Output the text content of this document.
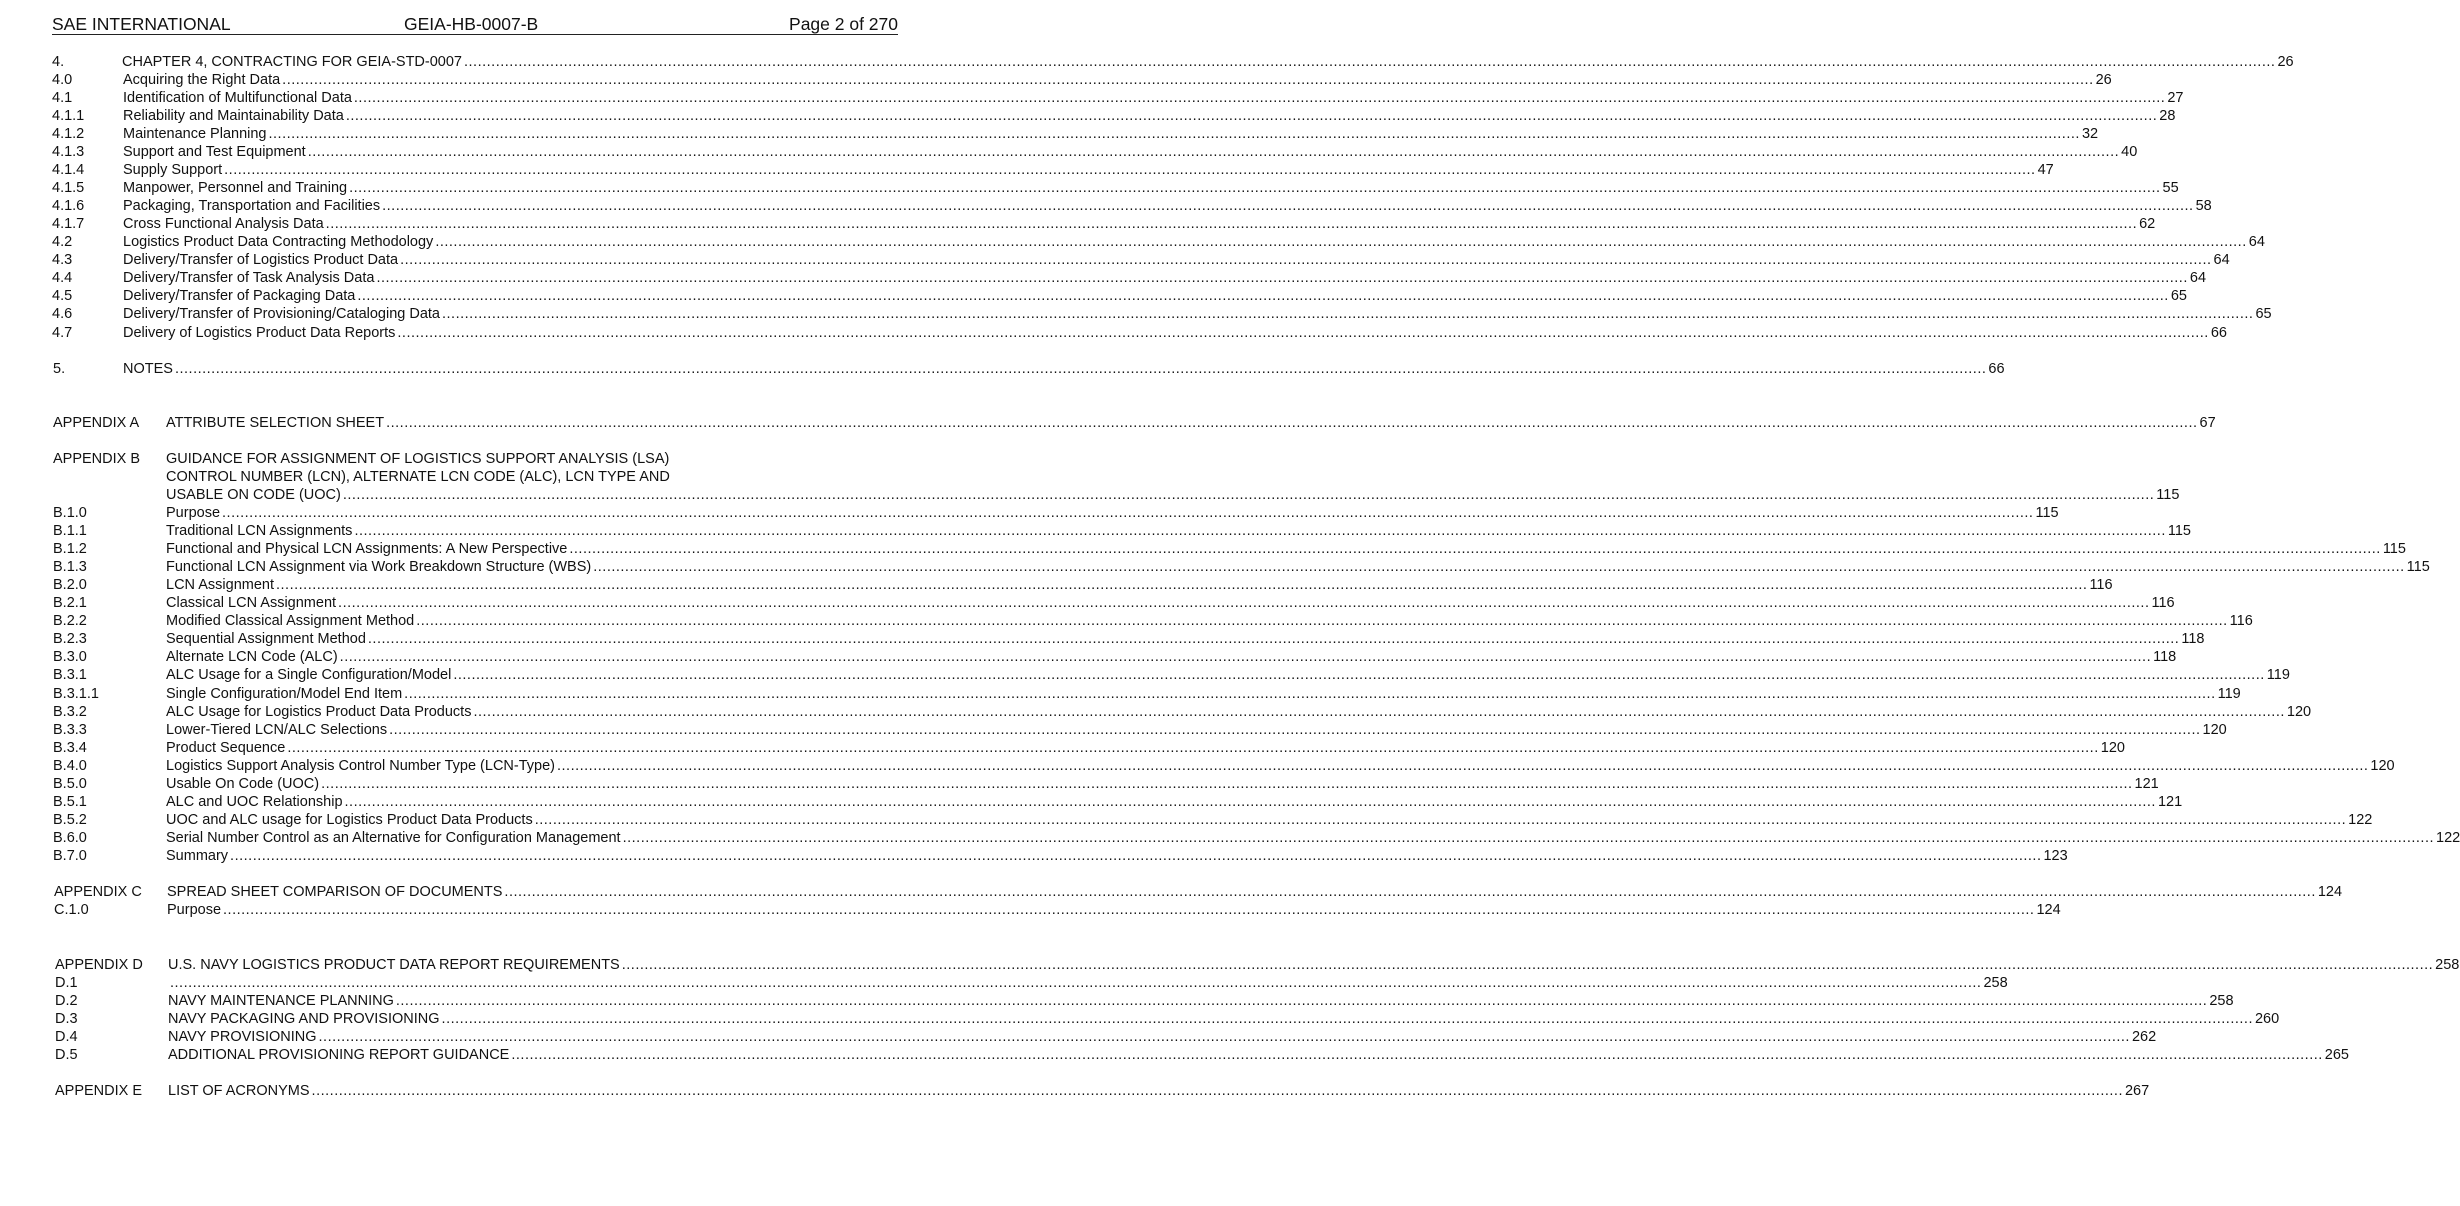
SAE INTERNATIONAL	GEIA-HB-0007-B	Page 2 of 270
4.	CHAPTER 4, CONTRACTING FOR GEIA-STD-0007 ................................................................................................................................................................................................................................................................................................................................................................................................................ 26
4.0	Acquiring the Right Data ................................................................................................................................................................................................................................................................................................................................................................................................................ 26
4.1	Identification of Multifunctional Data ................................................................................................................................................................................................................................................................................................................................................................................................................ 27
4.1.1	Reliability and Maintainability Data ................................................................................................................................................................................................................................................................................................................................................................................................................ 28
4.1.2	Maintenance Planning ................................................................................................................................................................................................................................................................................................................................................................................................................ 32
4.1.3	Support and Test Equipment ................................................................................................................................................................................................................................................................................................................................................................................................................ 40
4.1.4	Supply Support ................................................................................................................................................................................................................................................................................................................................................................................................................ 47
4.1.5	Manpower, Personnel and Training ................................................................................................................................................................................................................................................................................................................................................................................................................ 55
4.1.6	Packaging, Transportation and Facilities ................................................................................................................................................................................................................................................................................................................................................................................................................ 58
4.1.7	Cross Functional Analysis Data ................................................................................................................................................................................................................................................................................................................................................................................................................ 62
4.2	Logistics Product Data Contracting Methodology ................................................................................................................................................................................................................................................................................................................................................................................................................ 64
4.3	Delivery/Transfer of Logistics Product Data ................................................................................................................................................................................................................................................................................................................................................................................................................ 64
4.4	Delivery/Transfer of Task Analysis Data ................................................................................................................................................................................................................................................................................................................................................................................................................ 64
4.5	Delivery/Transfer of Packaging Data ................................................................................................................................................................................................................................................................................................................................................................................................................ 65
4.6	Delivery/Transfer of Provisioning/Cataloging Data ................................................................................................................................................................................................................................................................................................................................................................................................................ 65
4.7	Delivery of Logistics Product Data Reports ................................................................................................................................................................................................................................................................................................................................................................................................................ 66
5.	NOTES ................................................................................................................................................................................................................................................................................................................................................................................................................ 66
APPENDIX A ATTRIBUTE SELECTION SHEET ................................................................................................................................................................................................................................................................................................................................................................................................................ 67
APPENDIX B GUIDANCE FOR ASSIGNMENT OF LOGISTICS SUPPORT ANALYSIS (LSA)
CONTROL NUMBER (LCN), ALTERNATE LCN CODE (ALC), LCN TYPE AND
USABLE ON CODE (UOC) ................................................................................................................................................................................................................................................................................................................................................................................................................ 115
B.1.0	Purpose ................................................................................................................................................................................................................................................................................................................................................................................................................ 115
B.1.1	Traditional LCN Assignments ................................................................................................................................................................................................................................................................................................................................................................................................................ 115
B.1.2	Functional and Physical LCN Assignments: A New Perspective ................................................................................................................................................................................................................................................................................................................................................................................................................ 115
B.1.3	Functional LCN Assignment via Work Breakdown Structure (WBS) ................................................................................................................................................................................................................................................................................................................................................................................................................ 115
B.2.0	LCN Assignment ................................................................................................................................................................................................................................................................................................................................................................................................................ 116
B.2.1	Classical LCN Assignment ................................................................................................................................................................................................................................................................................................................................................................................................................ 116
B.2.2	Modified Classical Assignment Method ................................................................................................................................................................................................................................................................................................................................................................................................................ 116
B.2.3	Sequential Assignment Method ................................................................................................................................................................................................................................................................................................................................................................................................................ 118
B.3.0	Alternate LCN Code (ALC) ................................................................................................................................................................................................................................................................................................................................................................................................................ 118
B.3.1	ALC Usage for a Single Configuration/Model ................................................................................................................................................................................................................................................................................................................................................................................................................ 119
B.3.1.1	Single Configuration/Model End Item ................................................................................................................................................................................................................................................................................................................................................................................................................ 119
B.3.2	ALC Usage for Logistics Product Data Products ................................................................................................................................................................................................................................................................................................................................................................................................................ 120
B.3.3	Lower-Tiered LCN/ALC Selections ................................................................................................................................................................................................................................................................................................................................................................................................................ 120
B.3.4	Product Sequence ................................................................................................................................................................................................................................................................................................................................................................................................................ 120
B.4.0	Logistics Support Analysis Control Number Type (LCN-Type) ................................................................................................................................................................................................................................................................................................................................................................................................................ 120
B.5.0	Usable On Code (UOC) ................................................................................................................................................................................................................................................................................................................................................................................................................ 121
B.5.1	ALC and UOC Relationship ................................................................................................................................................................................................................................................................................................................................................................................................................ 121
B.5.2	UOC and ALC usage for Logistics Product Data Products ................................................................................................................................................................................................................................................................................................................................................................................................................ 122
B.6.0	Serial Number Control as an Alternative for Configuration Management ................................................................................................................................................................................................................................................................................................................................................................................................................ 122
B.7.0	Summary ................................................................................................................................................................................................................................................................................................................................................................................................................ 123
APPENDIX C SPREAD SHEET COMPARISON OF DOCUMENTS ................................................................................................................................................................................................................................................................................................................................................................................................................ 124
C.1.0	Purpose ................................................................................................................................................................................................................................................................................................................................................................................................................ 124
APPENDIX D U.S. NAVY LOGISTICS PRODUCT DATA REPORT REQUIREMENTS ................................................................................................................................................................................................................................................................................................................................................................................................................ 258
D.1	................................................................................................................................................................................................................................................................................................................................................................................................................ 258
D.2	NAVY MAINTENANCE PLANNING ................................................................................................................................................................................................................................................................................................................................................................................................................ 258
D.3	NAVY PACKAGING AND PROVISIONING ................................................................................................................................................................................................................................................................................................................................................................................................................ 260
D.4	NAVY PROVISIONING ................................................................................................................................................................................................................................................................................................................................................................................................................ 262
D.5	ADDITIONAL PROVISIONING REPORT GUIDANCE ................................................................................................................................................................................................................................................................................................................................................................................................................ 265
APPENDIX E LIST OF ACRONYMS ................................................................................................................................................................................................................................................................................................................................................................................................................ 267
